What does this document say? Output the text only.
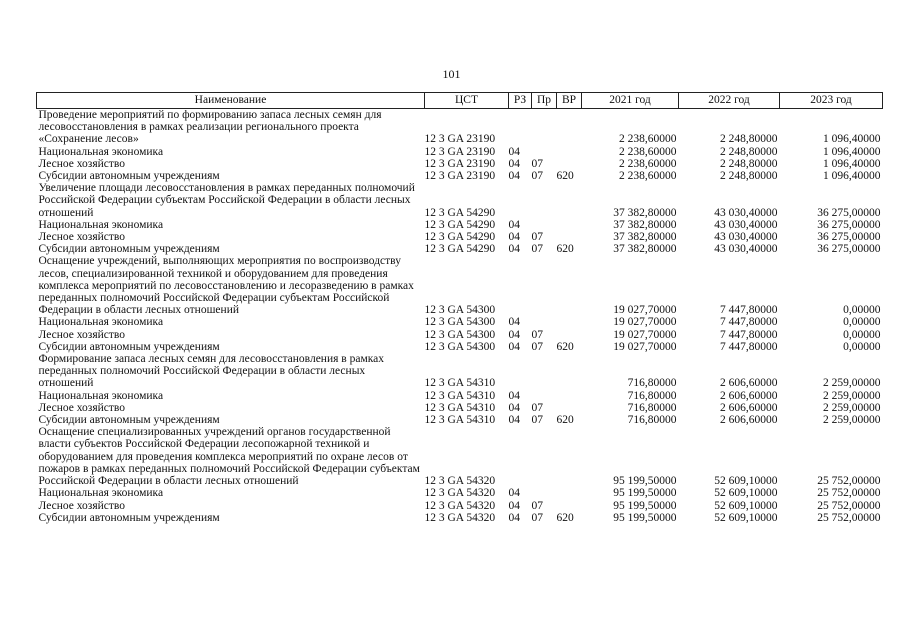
101
Наименование	ЦСТ	РЗ	Пр	ВР	2021 год	2022 год	2023 год
Проведение мероприятий по формированию запаса лесных семян для лесовосстановления в рамках реализации регионального проекта «Сохранение лесов»	12 3 GA 23190				2 238,60000	2 248,80000	1 096,40000
Национальная экономика	12 3 GA 23190	04			2 238,60000	2 248,80000	1 096,40000
Лесное хозяйство	12 3 GA 23190	04	07		2 238,60000	2 248,80000	1 096,40000
Субсидии автономным учреждениям	12 3 GA 23190	04	07	620	2 238,60000	2 248,80000	1 096,40000
Увеличение площади лесовосстановления в рамках переданных полномочий Российской Федерации субъектам Российской Федерации в области лесных отношений	12 3 GA 54290				37 382,80000	43 030,40000	36 275,00000
Национальная экономика	12 3 GA 54290	04			37 382,80000	43 030,40000	36 275,00000
Лесное хозяйство	12 3 GA 54290	04	07		37 382,80000	43 030,40000	36 275,00000
Субсидии автономным учреждениям	12 3 GA 54290	04	07	620	37 382,80000	43 030,40000	36 275,00000
Оснащение учреждений, выполняющих мероприятия по воспроизводству лесов, специализированной техникой и оборудованием для проведения комплекса мероприятий по лесовосстановлению и лесоразведению в рамках переданных полномочий Российской Федерации субъектам Российской Федерации в области лесных отношений	12 3 GA 54300				19 027,70000	7 447,80000	0,00000
Национальная экономика	12 3 GA 54300	04			19 027,70000	7 447,80000	0,00000
Лесное хозяйство	12 3 GA 54300	04	07		19 027,70000	7 447,80000	0,00000
Субсидии автономным учреждениям	12 3 GA 54300	04	07	620	19 027,70000	7 447,80000	0,00000
Формирование запаса лесных семян для лесовосстановления в рамках переданных полномочий Российской Федерации в области лесных отношений	12 3 GA 54310				716,80000	2 606,60000	2 259,00000
Национальная экономика	12 3 GA 54310	04			716,80000	2 606,60000	2 259,00000
Лесное хозяйство	12 3 GA 54310	04	07		716,80000	2 606,60000	2 259,00000
Субсидии автономным учреждениям	12 3 GA 54310	04	07	620	716,80000	2 606,60000	2 259,00000
Оснащение специализированных учреждений органов государственной власти субъектов Российской Федерации лесопожарной техникой и оборудованием для проведения комплекса мероприятий по охране лесов от пожаров в рамках переданных полномочий Российской Федерации субъектам Российской Федерации в области лесных отношений	12 3 GA 54320				95 199,50000	52 609,10000	25 752,00000
Национальная экономика	12 3 GA 54320	04			95 199,50000	52 609,10000	25 752,00000
Лесное хозяйство	12 3 GA 54320	04	07		95 199,50000	52 609,10000	25 752,00000
Субсидии автономным учреждениям	12 3 GA 54320	04	07	620	95 199,50000	52 609,10000	25 752,00000
